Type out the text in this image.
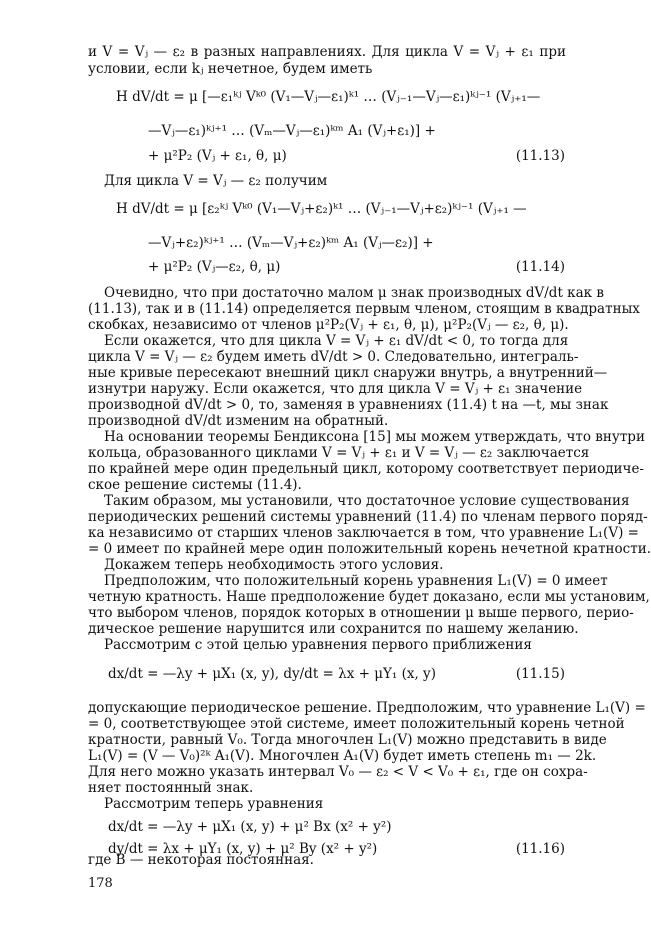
и V = Vⱼ — ε₂ в разных направлениях. Для цикла V = Vⱼ + ε₁ при
условии, если kⱼ нечетное, будем иметь
H dV/dt = μ [—ε₁ᵏʲ Vᵏ⁰ (V₁—Vⱼ—ε₁)ᵏ¹ … (Vⱼ₋₁—Vⱼ—ε₁)ᵏʲ⁻¹ (Vⱼ₊₁—
—Vⱼ—ε₁)ᵏʲ⁺¹ … (Vₘ—Vⱼ—ε₁)ᵏᵐ A₁ (Vⱼ+ε₁)] +
+ μ²P₂ (Vⱼ + ε₁, θ, μ)	(11.13)
Для цикла V = Vⱼ — ε₂ получим
H dV/dt = μ [ε₂ᵏʲ Vᵏ⁰ (V₁—Vⱼ+ε₂)ᵏ¹ … (Vⱼ₋₁—Vⱼ+ε₂)ᵏʲ⁻¹ (Vⱼ₊₁ —
—Vⱼ+ε₂)ᵏʲ⁺¹ … (Vₘ—Vⱼ+ε₂)ᵏᵐ A₁ (Vⱼ—ε₂)] +
+ μ²P₂ (Vⱼ—ε₂, θ, μ)	(11.14)
Очевидно, что при достаточно малом μ знак производных dV/dt как в
(11.13), так и в (11.14) определяется первым членом, стоящим в квадратных
скобках, независимо от членов μ²P₂(Vⱼ + ε₁, θ, μ), μ²P₂(Vⱼ — ε₂, θ, μ).
Если окажется, что для цикла V = Vⱼ + ε₁ dV/dt < 0, то тогда для
цикла V = Vⱼ — ε₂ будем иметь dV/dt > 0. Следовательно, интеграль-
ные кривые пересекают внешний цикл снаружи внутрь, а внутренний—
изнутри наружу. Если окажется, что для цикла V = Vⱼ + ε₁ значение
производной dV/dt > 0, то, заменяя в уравнениях (11.4) t на —t, мы знак
производной dV/dt изменим на обратный.
На основании теоремы Бендиксона [15] мы можем утверждать, что внутри
кольца, образованного циклами V = Vⱼ + ε₁ и V = Vⱼ — ε₂ заключается
по крайней мере один предельный цикл, которому соответствует периодиче-
ское решение системы (11.4).
Таким образом, мы установили, что достаточное условие существования
периодических решений системы уравнений (11.4) по членам первого поряд-
ка независимо от старших членов заключается в том, что уравнение L₁(V) =
= 0 имеет по крайней мере один положительный корень нечетной кратности.
Докажем теперь необходимость этого условия.
Предположим, что положительный корень уравнения L₁(V) = 0 имеет
четную кратность. Наше предположение будет доказано, если мы установим,
что выбором членов, порядок которых в отношении μ выше первого, перио-
дическое решение нарушится или сохранится по нашему желанию.
Рассмотрим с этой целью уравнения первого приближения
dx/dt = —λy + μX₁ (x, y), dy/dt = λx + μY₁ (x, y)	(11.15)
допускающие периодическое решение. Предположим, что уравнение L₁(V) =
= 0, соответствующее этой системе, имеет положительный корень четной
кратности, равный V₀. Тогда многочлен L₁(V) можно представить в виде
L₁(V) = (V — V₀)²ᵏ A₁(V). Многочлен A₁(V) будет иметь степень m₁ — 2k.
Для него можно указать интервал V₀ — ε₂ < V < V₀ + ε₁, где он сохра-
няет постоянный знак.
Рассмотрим теперь уравнения
dx/dt = —λy + μX₁ (x, y) + μ² Bx (x² + y²)
dy/dt = λx + μY₁ (x, y) + μ² By (x² + y²)	(11.16)
где B — некоторая постоянная.
178
